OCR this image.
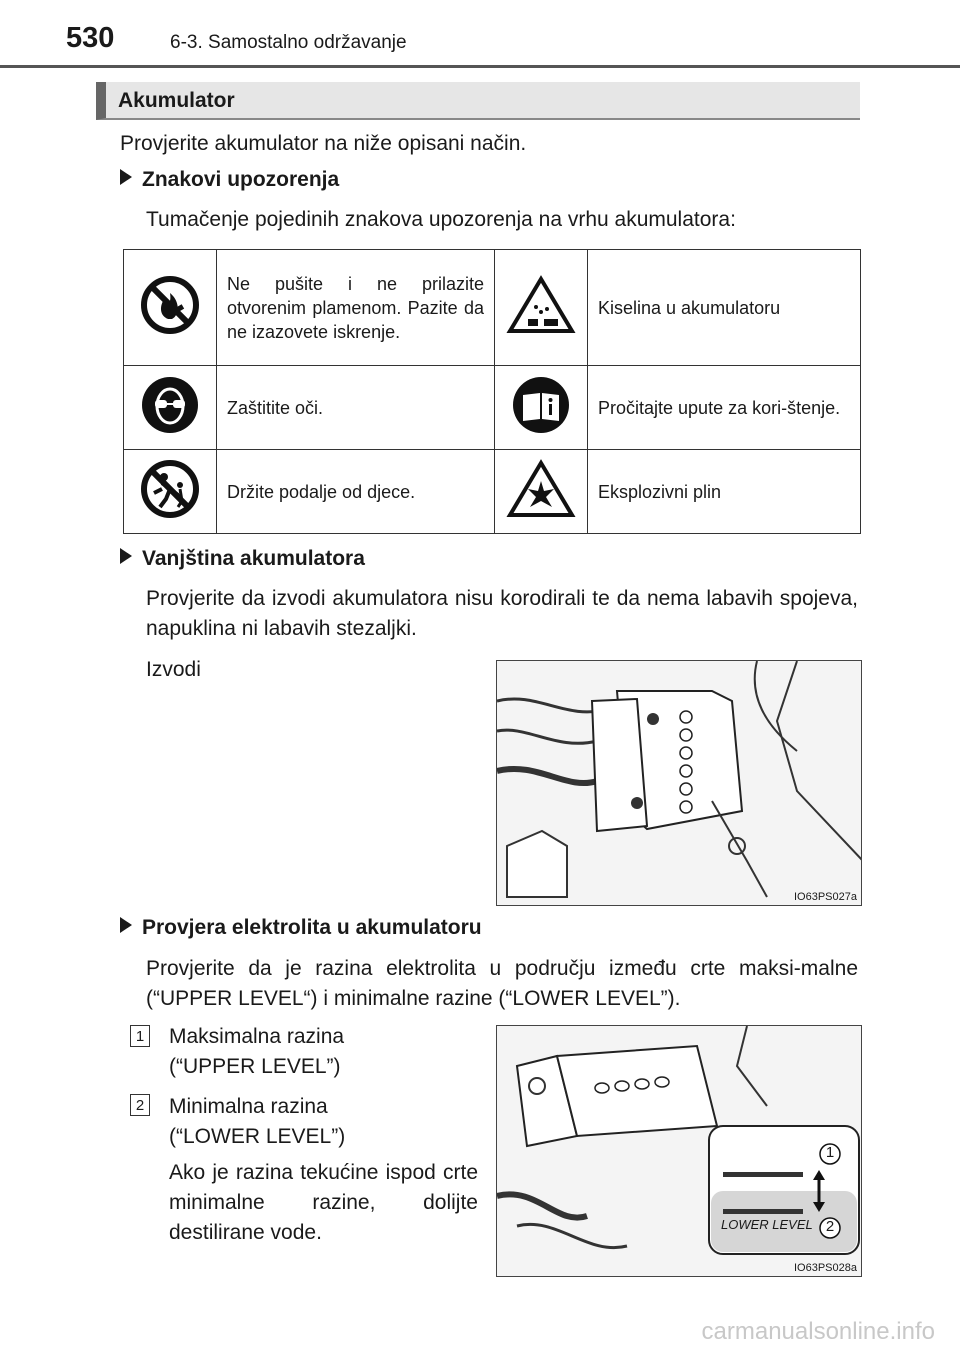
530	6-3. Samostalno održavanje
Akumulator
Provjerite akumulator na niže opisani način.
Znakovi upozorenja
Tumačenje pojedinih znakova upozorenja na vrhu akumulatora:
	Ne pušite i ne prilazite otvorenim plamenom. Pazite da ne izazovete iskrenje.		Kiselina u akumulatoru
	Zaštitite oči.		Pročitajte upute za kori-štenje.
	Držite podalje od djece.		Eksplozivni plin
Vanjština akumulatora
Provjerite da izvodi akumulatora nisu korodirali te da nema labavih spojeva, napuklina ni labavih stezaljki.
Izvodi
IO63PS027a
Provjera elektrolita u akumulatoru
Provjerite da je razina elektrolita u području između crte maksi-malne (“UPPER LEVEL“) i minimalne razine (“LOWER LEVEL”).
1 Maksimalna razina (“UPPER LEVEL”)
2 Minimalna razina (“LOWER LEVEL”)
Ako je razina tekućine ispod crte minimalne razine, dolijte destilirane vode.
1
2
LOWER LEVEL
IO63PS028a
carmanualsonline.info
